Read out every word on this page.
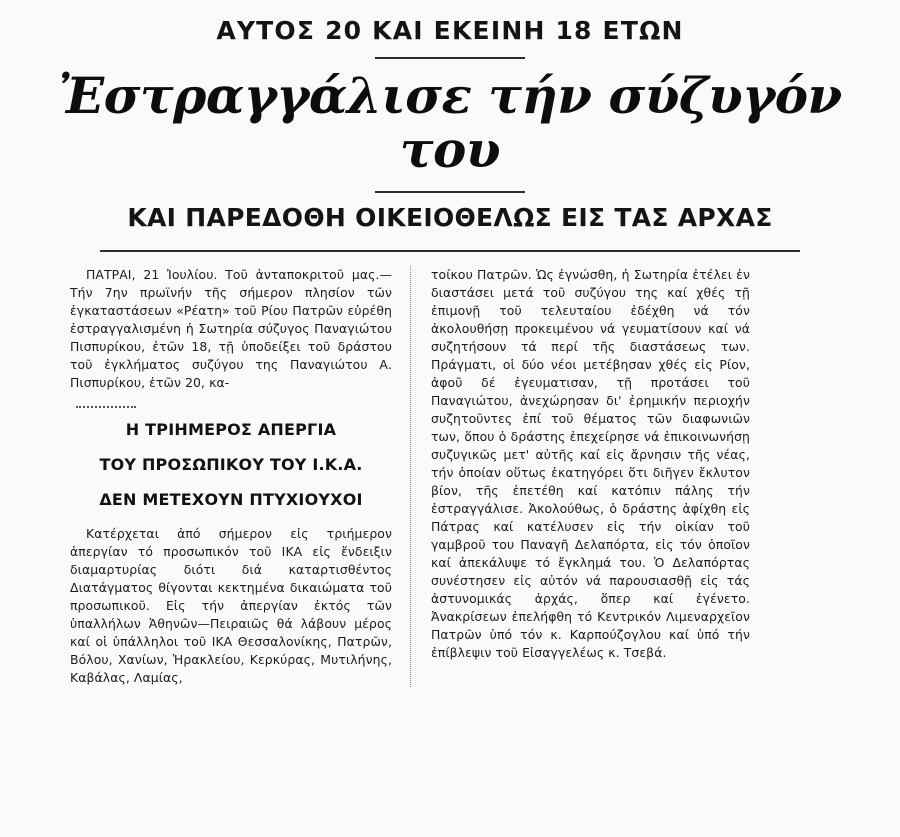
ΑΥΤΟΣ 20 ΚΑΙ ΕΚΕΙΝΗ 18 ΕΤΩΝ
Ἐστραγγάλισε τήν σύζυγόν του
ΚΑΙ ΠΑΡΕΔΟΘΗ ΟΙΚΕΙΟΘΕΛΩΣ ΕΙΣ ΤΑΣ ΑΡΧΑΣ

ΠΑΤΡΑΙ, 21 Ἰουλίου. Τοῦ ἀνταποκριτοῦ μας.—Τήν 7ην πρωϊνήν τῆς σήμερον πλησίον τῶν ἐγκαταστάσεων «Ρέατη» τοῦ Ρίου Πατρῶν εὑρέθη ἐστραγγαλισμένη ἡ Σωτηρία σύζυγος Παναγιώτου Πισπυρίκου, ἐτῶν 18, τῇ ὑποδείξει τοῦ δράστου τοῦ ἐγκλήματος συζύγου της Παναγιώτου Α. Πισπυρίκου, ἐτῶν 20, κα-

Η ΤΡΙΗΜΕΡΟΣ ΑΠΕΡΓΙΑ
ΤΟΥ ΠΡΟΣΩΠΙΚΟΥ ΤΟΥ Ι.Κ.Α.
ΔΕΝ ΜΕΤΕΧΟΥΝ ΠΤΥΧΙΟΥΧΟΙ

Κατέρχεται ἀπό σήμερον εἰς τριήμερον ἀπεργίαν τό προσωπικόν τοῦ ΙΚΑ εἰς ἔνδειξιν διαμαρτυρίας διότι διά καταρτισθέντος Διατάγματος θίγονται κεκτημένα δικαιώματα τοῦ προσωπικοῦ. Εἰς τήν ἀπεργίαν ἐκτός τῶν ὑπαλλήλων Ἀθηνῶν—Πειραιῶς θά λάβουν μέρος καί οἱ ὑπάλληλοι τοῦ ΙΚΑ Θεσσαλονίκης, Πατρῶν, Βόλου, Χανίων, Ἡρακλείου, Κερκύρας, Μυτιλήνης, Καβάλας, Λαμίας,

τοίκου Πατρῶν. Ὡς ἐγνώσθη, ἡ Σωτηρία ἐτέλει ἐν διαστάσει μετά τοῦ συζύγου της καί χθές τῇ ἐπιμονῇ τοῦ τελευταίου ἐδέχθη νά τόν ἀκολουθήσῃ προκειμένου νά γευματίσουν καί νά συζητήσουν τά περί τῆς διαστάσεως των. Πράγματι, οἱ δύο νέοι μετέβησαν χθές εἰς Ρίον, ἀφοῦ δέ ἐγευματισαν, τῇ προτάσει τοῦ Παναγιώτου, ἀνεχώρησαν δι' ἐρημικήν περιοχήν συζητοῦντες ἐπί τοῦ θέματος τῶν διαφωνιῶν των, ὅπου ὁ δράστης ἐπεχείρησε νά ἐπικοινωνήσῃ συζυγικῶς μετ' αὐτῆς καί εἰς ἄρνησιν τῆς νέας, τήν ὁποίαν οὕτως ἑκατηγόρει ὅτι διῆγεν ἔκλυτον βίον, τῆς ἐπετέθη καί κατόπιν πάλης τήν ἐστραγγάλισε. Ἀκολούθως, ὁ δράστης ἀφίχθη εἰς Πάτρας καί κατέλυσεν εἰς τήν οἰκίαν τοῦ γαμβροῦ του Παναγῆ Δελαπόρτα, εἰς τόν ὁποῖον καί ἀπεκάλυψε τό ἔγκλημά του. Ὁ Δελαπόρτας συνέστησεν εἰς αὐτόν νά παρουσιασθῇ εἰς τάς ἀστυνομικάς ἀρχάς, ὅπερ καί ἐγένετο. Ἀνακρίσεων ἐπελήφθη τό Κεντρικόν Λιμεναρχεῖον Πατρῶν ὑπό τόν κ. Καρπούζογλου καί ὑπό τήν ἐπίβλεψιν τοῦ Εἰσαγγελέως κ. Τσεβά.
